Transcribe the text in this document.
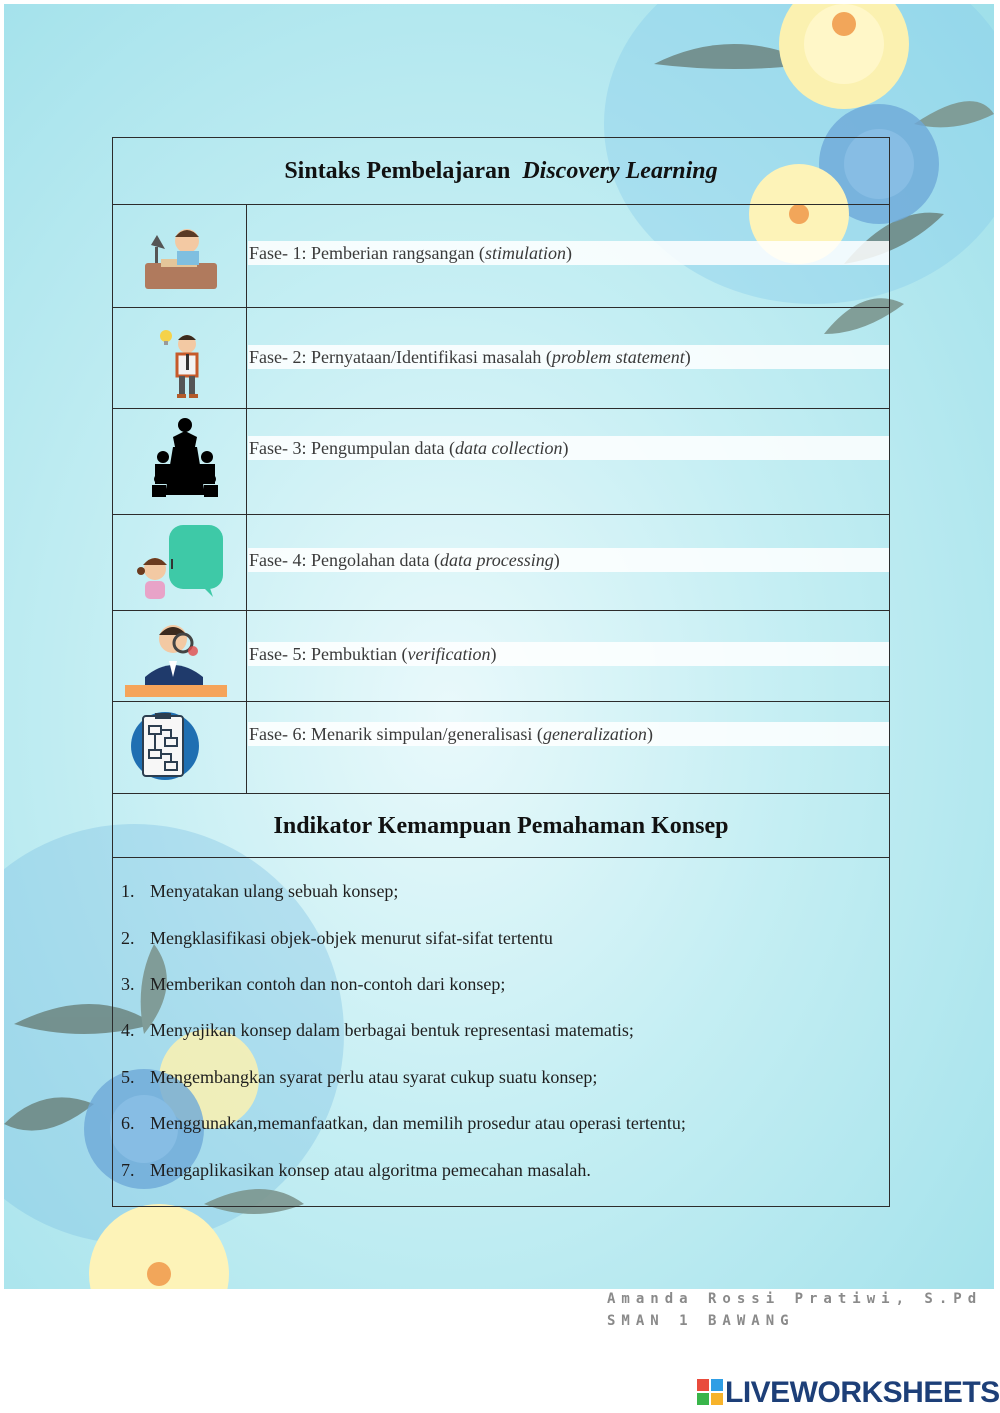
Sintaks Pembelajaran Discovery Learning
Fase- 1: Pemberian rangsangan (stimulation)
Fase- 2: Pernyataan/Identifikasi masalah (problem statement)
Fase- 3: Pengumpulan data (data collection)
Fase- 4: Pengolahan data (data processing)
Fase- 5: Pembuktian (verification)
Fase- 6: Menarik simpulan/generalisasi (generalization)
Indikator Kemampuan Pemahaman Konsep
1. Menyatakan ulang sebuah konsep;
2. Mengklasifikasi objek-objek menurut sifat-sifat tertentu
3. Memberikan contoh dan non-contoh dari konsep;
4. Menyajikan konsep dalam berbagai bentuk representasi matematis;
5. Mengembangkan syarat perlu atau syarat cukup suatu konsep;
6. Menggunakan,memanfaatkan, dan memilih prosedur atau operasi tertentu;
7. Mengaplikasikan konsep atau algoritma pemecahan masalah.
Amanda Rossi Pratiwi, S.Pd
SMAN 1 BAWANG
LIVEWORKSHEETS
